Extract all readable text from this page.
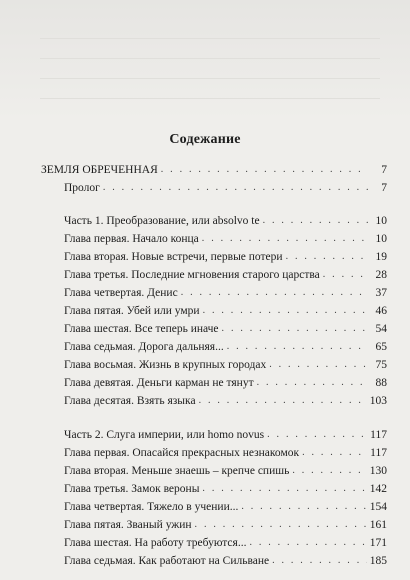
Содежание
ЗЕМЛЯ ОБРЕЧЕННАЯ . . .	7
Пролог . . .	7
Часть 1. Преобразование, или absolvo te . . .	10
Глава первая. Начало конца . . .	10
Глава вторая. Новые встречи, первые потери . . .	19
Глава третья. Последние мгновения старого царства . . .	28
Глава четвертая. Денис . . .	37
Глава пятая. Убей или умри . . .	46
Глава шестая. Все теперь иначе . . .	54
Глава седьмая. Дорога дальняя... . . .	65
Глава восьмая. Жизнь в крупных городах . . .	75
Глава девятая. Деньги карман не тянут . . .	88
Глава десятая. Взять языка . . .	103
Часть 2. Слуга империи, или homo novus . . .	117
Глава первая. Опасайся прекрасных незнакомок . . .	117
Глава вторая. Меньше знаешь – крепче спишь . . .	130
Глава третья. Замок вероны . . .	142
Глава четвертая. Тяжело в учении... . . .	154
Глава пятая. Званый ужин . . .	161
Глава шестая. На работу требуются... . . .	171
Глава седьмая. Как работают на Сильване . . .	185
